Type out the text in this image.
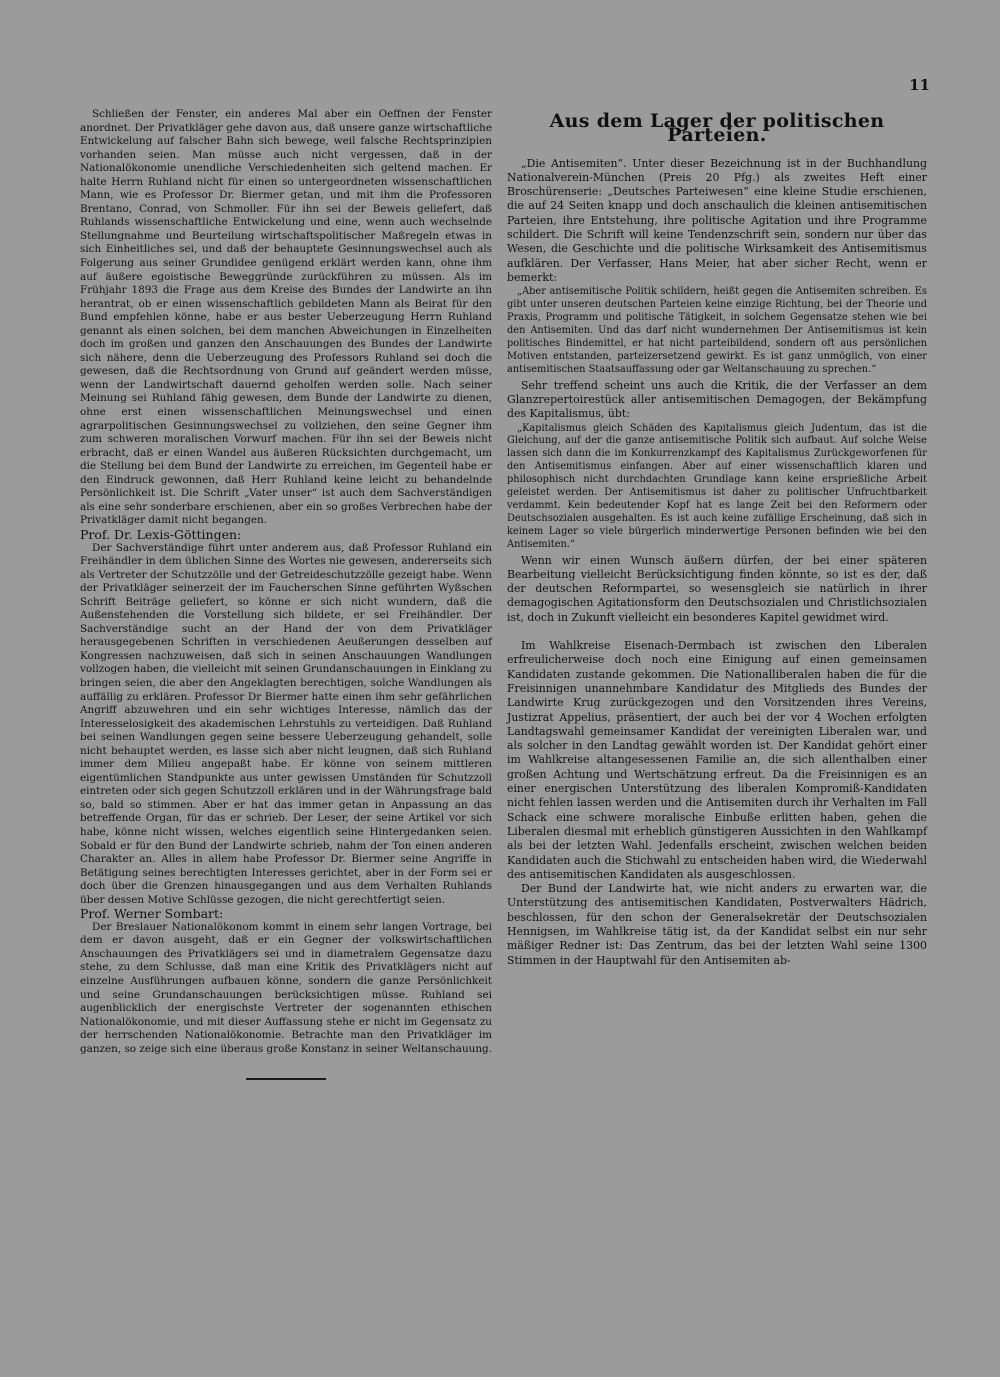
11

Schließen der Fenster, ein anderes Mal aber ein Oeffnen der Fenster anordnet. Der Privatkläger gehe davon aus, daß unsere ganze wirtschaftliche Entwickelung auf falscher Bahn sich bewege, weil falsche Rechtsprinzipien vorhanden seien. Man müsse auch nicht vergessen, daß in der Nationalökonomie unendliche Verschiedenheiten sich geltend machen. Er halte Herrn Ruhland nicht für einen so untergeordneten wissenschaftlichen Mann, wie es Professor Dr. Biermer getan, und mit ihm die Professoren Brentano, Conrad, von Schmoller. Für ihn sei der Beweis geliefert, daß Ruhlands wissenschaftliche Entwickelung und eine, wenn auch wechselnde Stellungnahme und Beurteilung wirtschaftspolitischer Maßregeln etwas in sich Einheitliches sei, und daß der behauptete Gesinnungswechsel auch als Folgerung aus seiner Grundidee genügend erklärt werden kann, ohne ihm auf äußere egoistische Beweggründe zurückführen zu müssen. Als im Frühjahr 1893 die Frage aus dem Kreise des Bundes der Landwirte an ihn herantrat, ob er einen wissenschaftlich gebildeten Mann als Beirat für den Bund empfehlen könne, habe er aus bester Ueberzeugung Herrn Ruhland genannt als einen solchen, bei dem manchen Abweichungen in Einzelheiten doch im großen und ganzen den Anschauungen des Bundes der Landwirte sich nähere, denn die Ueberzeugung des Professors Ruhland sei doch die gewesen, daß die Rechtsordnung von Grund auf geändert werden müsse, wenn der Landwirtschaft dauernd geholfen werden solle. Nach seiner Meinung sei Ruhland fähig gewesen, dem Bunde der Landwirte zu dienen, ohne erst einen wissenschaftlichen Meinungswechsel und einen agrarpolitischen Gesinnungswechsel zu vollziehen, den seine Gegner ihm zum schweren moralischen Vorwurf machen. Für ihn sei der Beweis nicht erbracht, daß er einen Wandel aus äußeren Rücksichten durchgemacht, um die Stellung bei dem Bund der Landwirte zu erreichen, im Gegenteil habe er den Eindruck gewonnen, daß Herr Ruhland keine leicht zu behandelnde Persönlichkeit ist. Die Schrift „Vater unser“ ist auch dem Sachverständigen als eine sehr sonderbare erschienen, aber ein so großes Verbrechen habe der Privatkläger damit nicht begangen.

Prof. Dr. Lexis-Göttingen:

Der Sachverständige führt unter anderem aus, daß Professor Ruhland ein Freihändler in dem üblichen Sinne des Wortes nie gewesen, andererseits sich als Vertreter der Schutzzölle und der Getreideschutzzölle gezeigt habe. Wenn der Privatkläger seinerzeit der im Faucherschen Sinne geführten Wyßschen Schrift Beiträge geliefert, so könne er sich nicht wundern, daß die Außenstehenden die Vorstellung sich bildete, er sei Freihändler. Der Sachverständige sucht an der Hand der von dem Privatkläger herausgegebenen Schriften in verschiedenen Aeußerungen desselben auf Kongressen nachzuweisen, daß sich in seinen Anschauungen Wandlungen vollzogen haben, die vielleicht mit seinen Grundanschauungen in Einklang zu bringen seien, die aber den Angeklagten berechtigen, solche Wandlungen als auffällig zu erklären. Professor Dr Biermer hatte einen ihm sehr gefährlichen Angriff abzuwehren und ein sehr wichtiges Interesse, nämlich das der Interesselosigkeit des akademischen Lehrstuhls zu verteidigen. Daß Ruhland bei seinen Wandlungen gegen seine bessere Ueberzeugung gehandelt, solle nicht behauptet werden, es lasse sich aber nicht leugnen, daß sich Ruhland immer dem Milieu angepaßt habe. Er könne von seinem mittleren eigentümlichen Standpunkte aus unter gewissen Umständen für Schutzzoll eintreten oder sich gegen Schutzzoll erklären und in der Währungsfrage bald so, bald so stimmen. Aber er hat das immer getan in Anpassung an das betreffende Organ, für das er schrieb. Der Leser, der seine Artikel vor sich habe, könne nicht wissen, welches eigentlich seine Hintergedanken seien. Sobald er für den Bund der Landwirte schrieb, nahm der Ton einen anderen Charakter an. Alles in allem habe Professor Dr. Biermer seine Angriffe in Betätigung seines berechtigten Interesses gerichtet, aber in der Form sei er doch über die Grenzen hinausgegangen und aus dem Verhalten Ruhlands über dessen Motive Schlüsse gezogen, die nicht gerechtfertigt seien.

Prof. Werner Sombart:

Der Breslauer Nationalökonom kommt in einem sehr langen Vortrage, bei dem er davon ausgeht, daß er ein Gegner der volkswirtschaftlichen Anschauungen des Privatklägers sei und in diametralem Gegensatze dazu stehe, zu dem Schlusse, daß man eine Kritik des Privatklägers nicht auf einzelne Ausführungen aufbauen könne, sondern die ganze Persönlichkeit und seine Grundanschauungen berücksichtigen müsse. Ruhland sei augenblicklich der energischste Vertreter der sogenannten ethischen Nationalökonomie, und mit dieser Auffassung stehe er nicht im Gegensatz zu der herrschenden Nationalökonomie. Betrachte man den Privatkläger im ganzen, so zeige sich eine überaus große Konstanz in seiner Weltanschauung.

Aus dem Lager der politischen Parteien.

„Die Antisemiten“. Unter dieser Bezeichnung ist in der Buchhandlung Nationalverein-München (Preis 20 Pfg.) als zweites Heft einer Broschürenserie: „Deutsches Parteiwesen“ eine kleine Studie erschienen, die auf 24 Seiten knapp und doch anschaulich die kleinen antisemitischen Parteien, ihre Entstehung, ihre politische Agitation und ihre Programme schildert. Die Schrift will keine Tendenzschrift sein, sondern nur über das Wesen, die Geschichte und die politische Wirksamkeit des Antisemitismus aufklären. Der Verfasser, Hans Meier, hat aber sicher Recht, wenn er bemerkt:

„Aber antisemitische Politik schildern, heißt gegen die Antisemiten schreiben. Es gibt unter unseren deutschen Parteien keine einzige Richtung, bei der Theorie und Praxis, Programm und politische Tätigkeit, in solchem Gegensatze stehen wie bei den Antisemiten. Und das darf nicht wundernehmen Der Antisemitismus ist kein politisches Bindemittel, er hat nicht parteibildend, sondern oft aus persönlichen Motiven entstanden, parteizersetzend gewirkt. Es ist ganz unmöglich, von einer antisemitischen Staatsauffassung oder gar Weltanschauung zu sprechen.“

Sehr treffend scheint uns auch die Kritik, die der Verfasser an dem Glanzrepertoirestück aller antisemitischen Demagogen, der Bekämpfung des Kapitalismus, übt:

„Kapitalismus gleich Schäden des Kapitalismus gleich Judentum, das ist die Gleichung, auf der die ganze antisemitische Politik sich aufbaut. Auf solche Weise lassen sich dann die im Konkurrenzkampf des Kapitalismus Zurückgeworfenen für den Antisemitismus einfangen. Aber auf einer wissenschaftlich klaren und philosophisch nicht durchdachten Grundlage kann keine ersprießliche Arbeit geleistet werden. Der Antisemitismus ist daher zu politischer Unfruchtbarkeit verdammt. Kein bedeutender Kopf hat es lange Zeit bei den Reformern oder Deutschsozialen ausgehalten. Es ist auch keine zufällige Erscheinung, daß sich in keinem Lager so viele bürgerlich minderwertige Personen befinden wie bei den Antisemiten.“

Wenn wir einen Wunsch äußern dürfen, der bei einer späteren Bearbeitung vielleicht Berücksichtigung finden könnte, so ist es der, daß der deutschen Reformpartei, so wesensgleich sie natürlich in ihrer demagogischen Agitationsform den Deutschsozialen und Christlichsozialen ist, doch in Zukunft vielleicht ein besonderes Kapitel gewidmet wird.

Im Wahlkreise Eisenach-Dermbach ist zwischen den Liberalen erfreulicherweise doch noch eine Einigung auf einen gemeinsamen Kandidaten zustande gekommen. Die Nationalliberalen haben die für die Freisinnigen unannehmbare Kandidatur des Mitglieds des Bundes der Landwirte Krug zurückgezogen und den Vorsitzenden ihres Vereins, Justizrat Appelius, präsentiert, der auch bei der vor 4 Wochen erfolgten Landtagswahl gemeinsamer Kandidat der vereinigten Liberalen war, und als solcher in den Landtag gewählt worden ist. Der Kandidat gehört einer im Wahlkreise altangesessenen Familie an, die sich allenthalben einer großen Achtung und Wertschätzung erfreut. Da die Freisinnigen es an einer energischen Unterstützung des liberalen Kompromiß-Kandidaten nicht fehlen lassen werden und die Antisemiten durch ihr Verhalten im Fall Schack eine schwere moralische Einbuße erlitten haben, gehen die Liberalen diesmal mit erheblich günstigeren Aussichten in den Wahlkampf als bei der letzten Wahl. Jedenfalls erscheint, zwischen welchen beiden Kandidaten auch die Stichwahl zu entscheiden haben wird, die Wiederwahl des antisemitischen Kandidaten als ausgeschlossen.

Der Bund der Landwirte hat, wie nicht anders zu erwarten war, die Unterstützung des antisemitischen Kandidaten, Postverwalters Hädrich, beschlossen, für den schon der Generalsekretär der Deutschsozialen Hennigsen, im Wahlkreise tätig ist, da der Kandidat selbst ein nur sehr mäßiger Redner ist: Das Zentrum, das bei der letzten Wahl seine 1300 Stimmen in der Hauptwahl für den Antisemiten ab-
